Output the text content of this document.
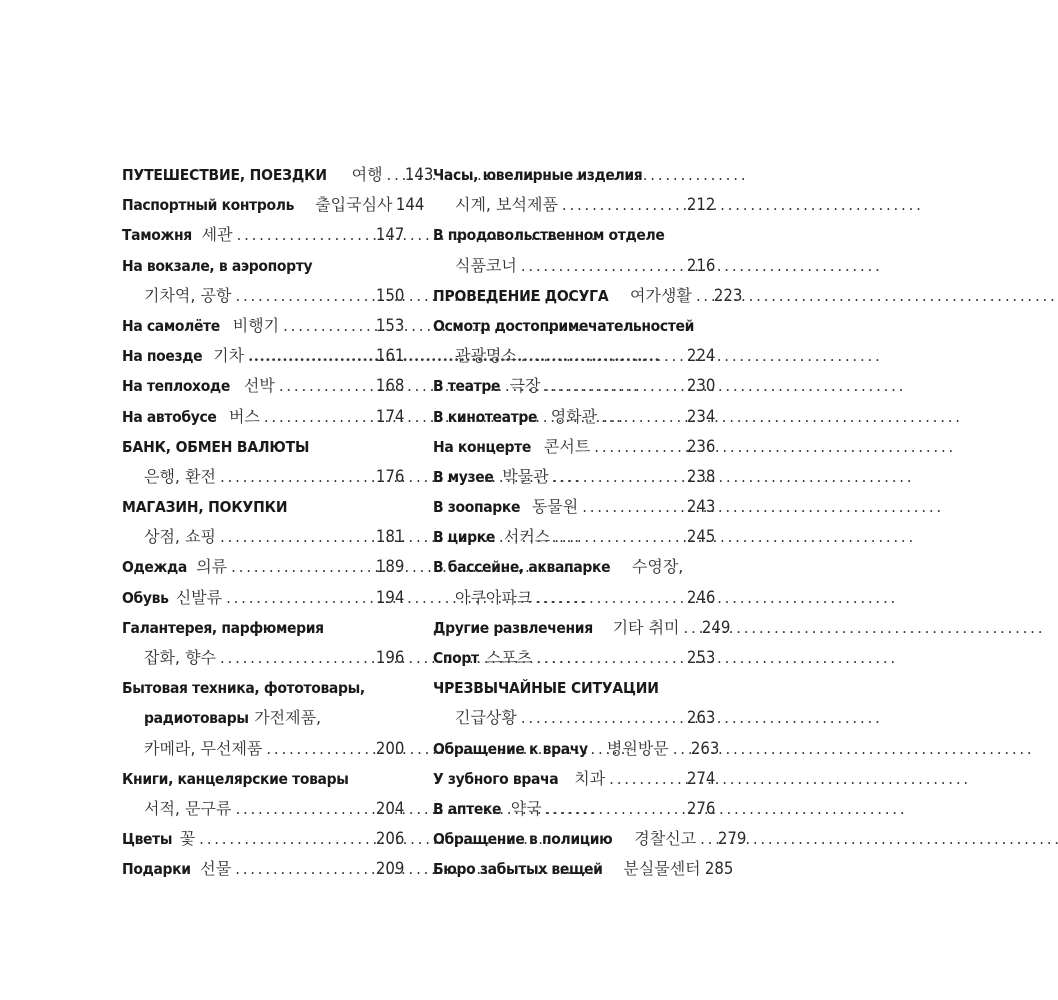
ПУТЕШЕСТВИЕ, ПОЕЗДКИ 여행 . . . 143
Паспортный контроль 출입국심사 144
Таможня 세관 . . .	147
На вокзале, в аэропорту
기차역, 공항 . . .	150
На самолёте 비행기 . . .	153
На поезде 기차 .....	161
На теплоходе 선박 . . .	168
На автобусе 버스 . . .	174
БАНК, ОБМЕН ВАЛЮТЫ
은행, 환전 . . .	176
МАГАЗИН, ПОКУПКИ
상점, 쇼핑 . . .	181
Одежда 의류 . . .	189
Обувь 신발류 . . .	194
Галантерея, парфюмерия
잡화, 향수 . . .	196
Бытовая техника, фототовары,
радиотовары 가전제품,
카메라, 무선제품 . . .	200
Книги, канцелярские товары
서적, 문구류 . . .	204
Цветы 꽃 . . .	206
Подарки 선물 . . .	209
Часы, ювелирные изделия
시계, 보석제품 . . .	212
В продовольственном отделе
식품코너 . . .	216
ПРОВЕДЕНИЕ ДОСУГА 여가생활 . . . 223
Осмотр достопримечательностей
관광명소 . . .	224
В театре 극장 . . .	230
В кинотеатре 영화관 . . .	234
На концерте 콘서트 . . .	236
В музее 박물관 . . .	238
В зоопарке 동물원 . . .	243
В цирке 서커스 . . .	245
В бассейне, аквапарке 수영장,
아쿠아파크 . . .	246
Другие развлечения 기타 취미 . . . 249
Спорт 스포츠 . . .	253
ЧРЕЗВЫЧАЙНЫЕ СИТУАЦИИ
긴급상황 . . .	263
Обращение к врачу 병원방문 . . . 263
У зубного врача 치과 . . .	274
В аптеке 약국 . . .	276
Обращение в полицию 경찰신고 . . . 279
Бюро забытых вещей 분실물센터 285
